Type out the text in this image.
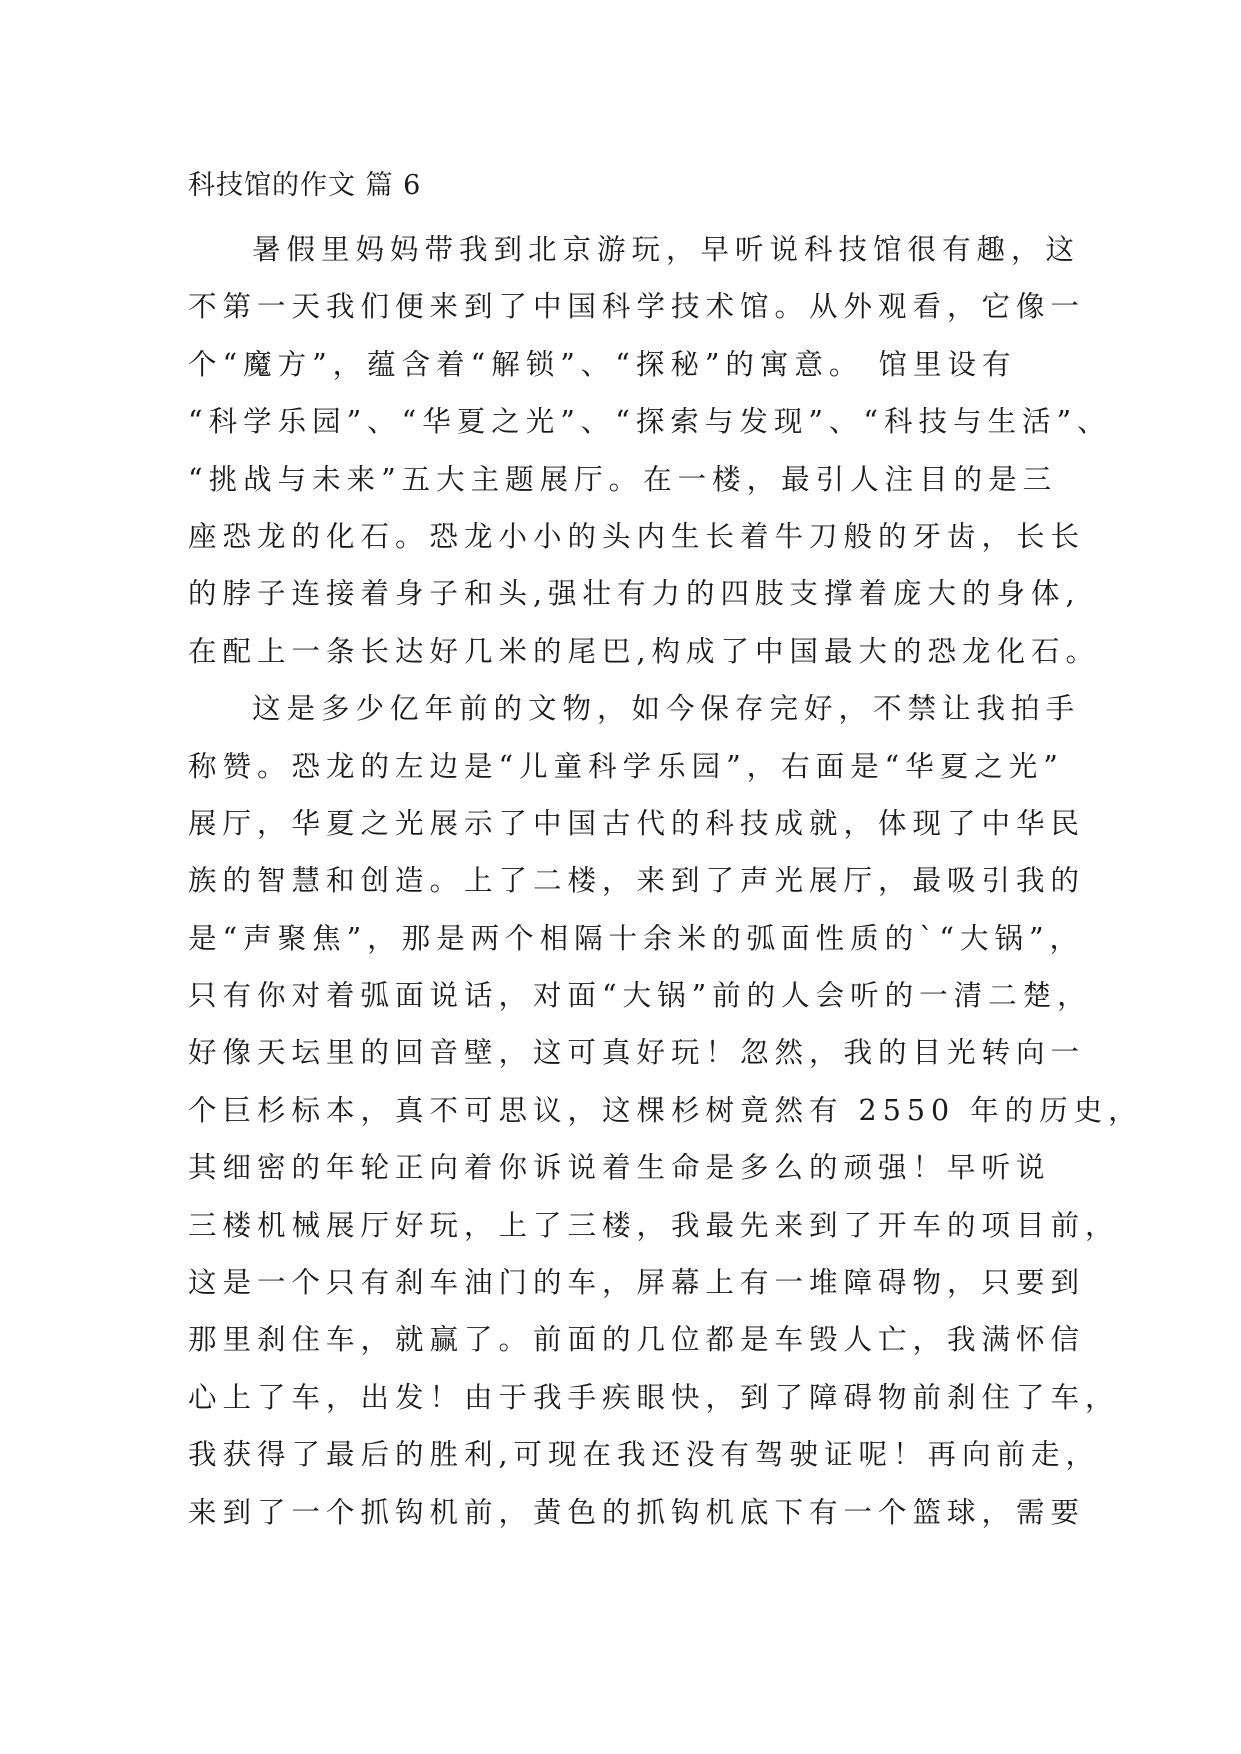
科技馆的作文 篇 6
暑假里妈妈带我到北京游玩，早听说科技馆很有趣，这
不第一天我们便来到了中国科学技术馆。从外观看，它像一
个“魔方”，蕴含着“解锁”、“探秘”的寓意。 馆里设有
“科学乐园”、“华夏之光”、“探索与发现”、“科技与生活”、
“挑战与未来”五大主题展厅。在一楼，最引人注目的是三
座恐龙的化石。恐龙小小的头内生长着牛刀般的牙齿，长长
的脖子连接着身子和头,强壮有力的四肢支撑着庞大的身体,
在配上一条长达好几米的尾巴,构成了中国最大的恐龙化石。
这是多少亿年前的文物，如今保存完好，不禁让我拍手
称赞。恐龙的左边是“儿童科学乐园”，右面是“华夏之光”
展厅，华夏之光展示了中国古代的科技成就，体现了中华民
族的智慧和创造。上了二楼，来到了声光展厅，最吸引我的
是“声聚焦”，那是两个相隔十余米的弧面性质的`“大锅”，
只有你对着弧面说话，对面“大锅”前的人会听的一清二楚，
好像天坛里的回音壁，这可真好玩！忽然，我的目光转向一
个巨杉标本，真不可思议，这棵杉树竟然有 2550 年的历史，
其细密的年轮正向着你诉说着生命是多么的顽强！早听说
三楼机械展厅好玩，上了三楼，我最先来到了开车的项目前，
这是一个只有刹车油门的车，屏幕上有一堆障碍物，只要到
那里刹住车，就赢了。前面的几位都是车毁人亡，我满怀信
心上了车，出发！由于我手疾眼快，到了障碍物前刹住了车，
我获得了最后的胜利,可现在我还没有驾驶证呢！再向前走，
来到了一个抓钩机前，黄色的抓钩机底下有一个篮球，需要
